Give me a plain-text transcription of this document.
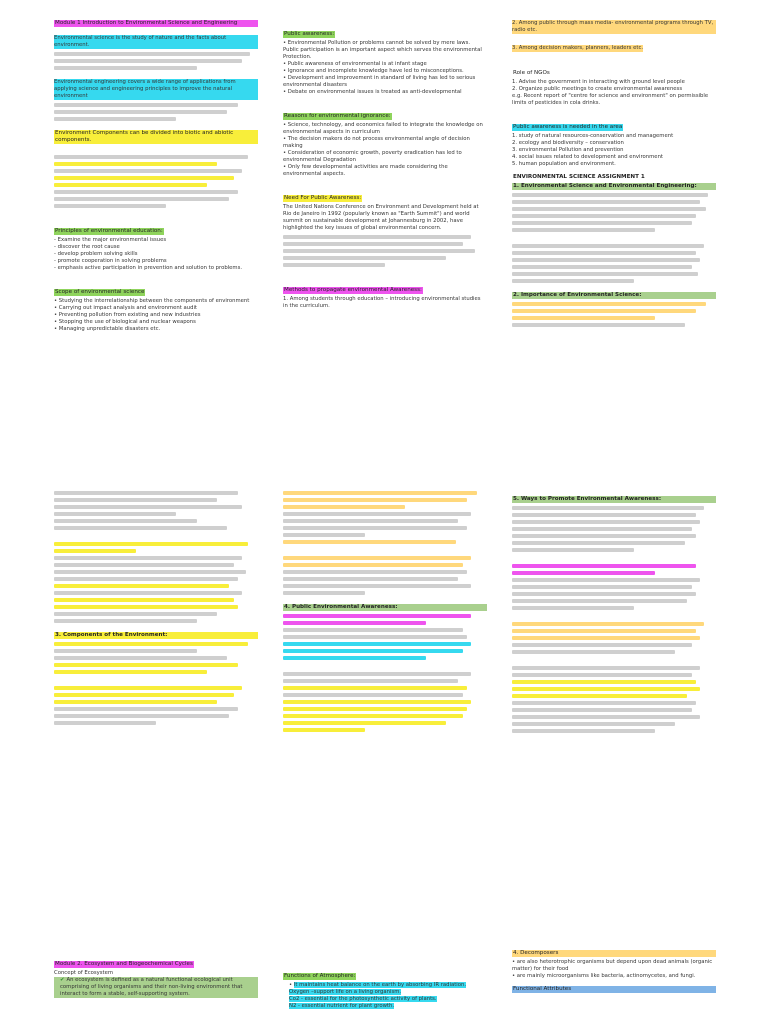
Module 1 Introduction to Environmental Science and Engineering
Environmental science is the study of nature and the facts about environment.
Environmental engineering covers a wide range of applications from applying science and engineering principles to improve the natural environment
Environment Components can be divided into biotic and abiotic components.
Principles of environmental education:
- Examine the major environmental issues
- discover the root cause
- develop problem solving skills
- promote cooperation in solving problems
- emphasis active participation in prevention and solution to problems.
Scope of environmental science
• Studying the interrelationship between the components of environment
• Carrying out impact analysis and environment audit
• Preventing pollution from existing and new industries
• Stopping the use of biological and nuclear weapons
• Managing unpredictable disasters etc.
Public awareness:
• Environmental Pollution or problems cannot be solved by mere laws. Public participation is an important aspect which serves the environmental Protection.
• Public awareness of environmental is at infant stage
• Ignorance and incomplete knowledge have led to misconceptions.
• Development and improvement in standard of living has led to serious environmental disasters
• Debate on environmental issues is treated as anti-developmental
Reasons for environmental ignorance:
• Science, technology, and economics failed to integrate the knowledge on environmental aspects in curriculum
• The decision makers do not process environmental angle of decision making
• Consideration of economic growth, poverty eradication has led to environmental Degradation
• Only few developmental activities are made considering the environmental aspects.
Need For Public Awareness:
The United Nations Conference on Environment and Development held at Rio de Janeiro in 1992 (popularly known as "Earth Summit") and world summit on sustainable development at Johannesburg in 2002, have highlighted the key issues of global environmental concern.
Methods to propagate environmental Awareness:
1. Among students through education – introducing environmental studies in the curriculum.
2. Among public through mass media- environmental programs through TV, radio etc.
3. Among decision makers, planners, leaders etc.
Role of NGOs
1. Advise the government in interacting with ground level people
2. Organize public meetings to create environmental awareness
e.g. Recent report of "centre for science and environment" on permissible limits of pesticides in cola drinks.
Public awareness is needed in the area
1. study of natural resources-conservation and management
2. ecology and biodiversity – conservation
3. environmental Pollution and prevention
4. social issues related to development and environment
5. human population and environment.
ENVIRONMENTAL SCIENCE ASSIGNMENT 1
1. Environmental Science and Environmental Engineering:
2. Importance of Environmental Science:
3. Components of the Environment:
4. Public Environmental Awareness:
5. Ways to Promote Environmental Awareness:
Module 2. Ecosystem and Biogeochemical Cycles
Concept of Ecosystem
✔ An ecosystem is defined as a natural functional ecological unit comprising of living organisms and their non-living environment that interact to form a stable, self-supporting system.
Functions of Atmosphere:
• It maintains heat balance on the earth by absorbing IR radiation. Oxygen –support life on a living organism.
Co2 - essential for the photosynthetic activity of plants.
N2 - essential nutrient for plant growth.
4. Decomposers
• are also heterotrophic organisms but depend upon dead animals (organic matter) for their food
• are mainly microorganisms like bacteria, actinomycetes, and fungi.
Functional Attributes
